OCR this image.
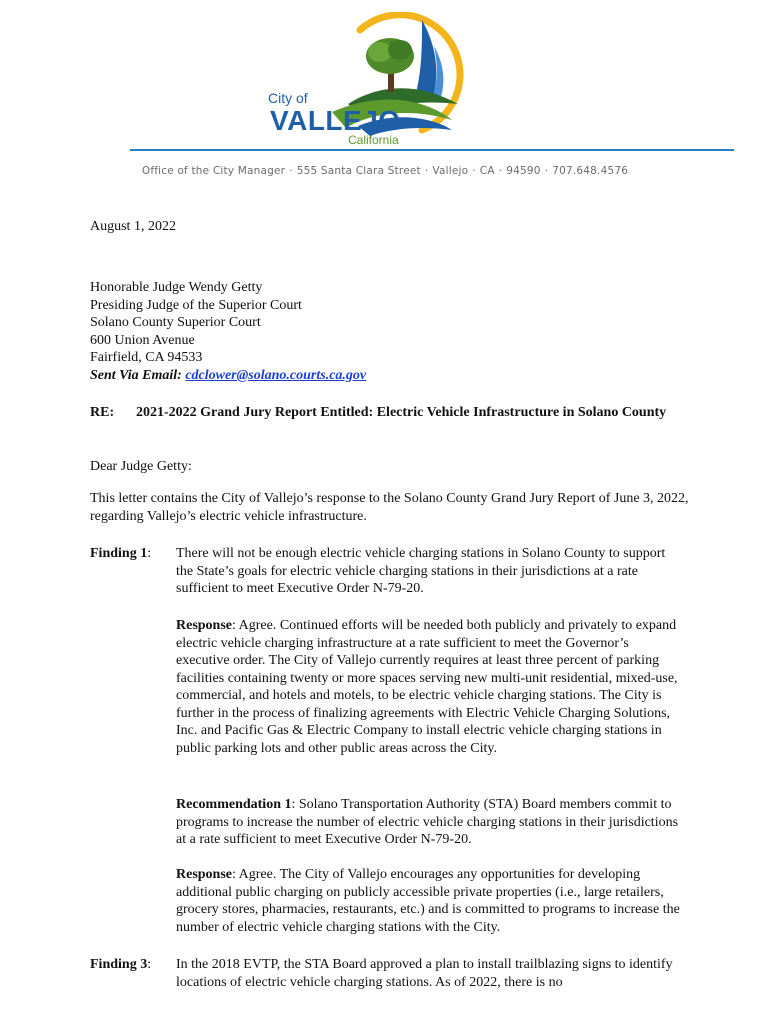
City of
VALLEJO
California
Office of the City Manager · 555 Santa Clara Street · Vallejo · CA · 94590 · 707.648.4576
August 1, 2022
Honorable Judge Wendy Getty
Presiding Judge of the Superior Court
Solano County Superior Court
600 Union Avenue
Fairfield, CA 94533
Sent Via Email: cdclower@solano.courts.ca.gov
RE: 2021-2022 Grand Jury Report Entitled: Electric Vehicle Infrastructure in Solano County
Dear Judge Getty:
This letter contains the City of Vallejo’s response to the Solano County Grand Jury Report of June 3, 2022, regarding Vallejo’s electric vehicle infrastructure.
Finding 1: There will not be enough electric vehicle charging stations in Solano County to support the State’s goals for electric vehicle charging stations in their jurisdictions at a rate sufficient to meet Executive Order N-79-20.
Response: Agree. Continued efforts will be needed both publicly and privately to expand electric vehicle charging infrastructure at a rate sufficient to meet the Governor’s executive order. The City of Vallejo currently requires at least three percent of parking facilities containing twenty or more spaces serving new multi-unit residential, mixed-use, commercial, and hotels and motels, to be electric vehicle charging stations. The City is further in the process of finalizing agreements with Electric Vehicle Charging Solutions, Inc. and Pacific Gas & Electric Company to install electric vehicle charging stations in public parking lots and other public areas across the City.
Recommendation 1: Solano Transportation Authority (STA) Board members commit to programs to increase the number of electric vehicle charging stations in their jurisdictions at a rate sufficient to meet Executive Order N-79-20.
Response: Agree. The City of Vallejo encourages any opportunities for developing additional public charging on publicly accessible private properties (i.e., large retailers, grocery stores, pharmacies, restaurants, etc.) and is committed to programs to increase the number of electric vehicle charging stations with the City.
Finding 3: In the 2018 EVTP, the STA Board approved a plan to install trailblazing signs to identify locations of electric vehicle charging stations. As of 2022, there is no
